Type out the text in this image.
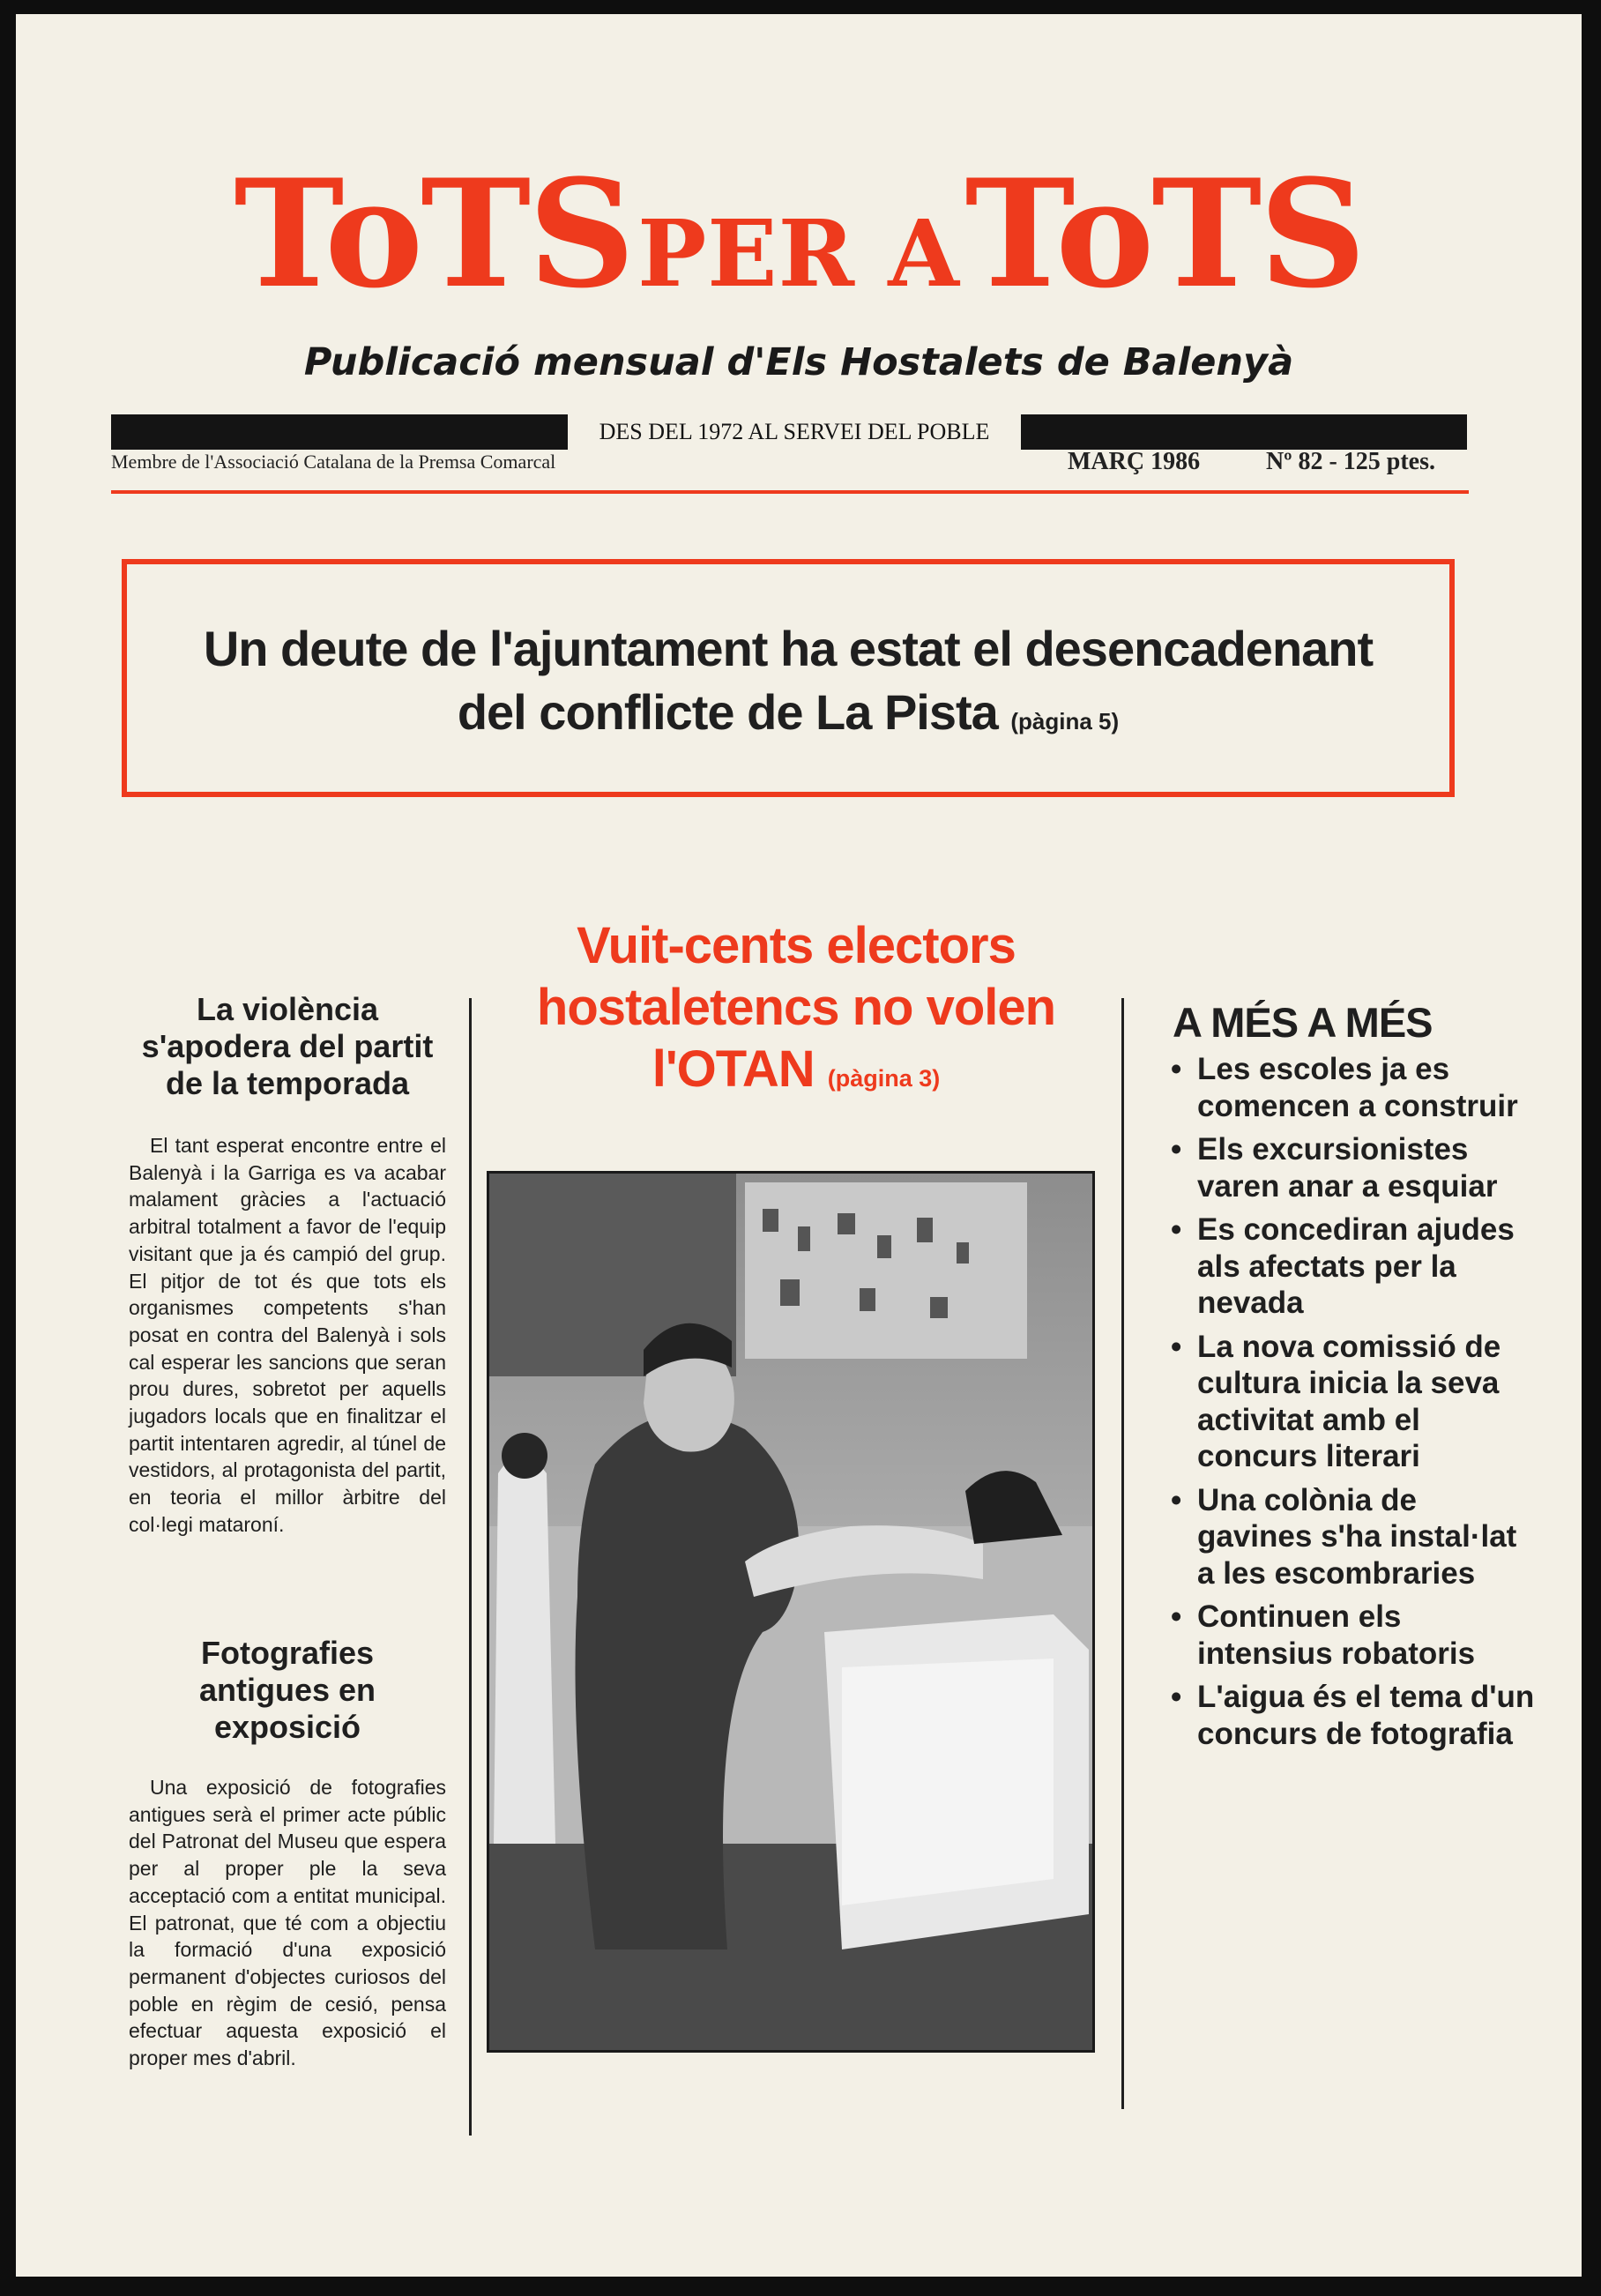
ToTS PER A ToTS
Publicació mensual d'Els Hostalets de Balenyà
DES DEL 1972 AL SERVEI DEL POBLE
Membre de l'Associació Catalana de la Premsa Comarcal	MARÇ 1986	Nº 82 - 125 ptes.
Un deute de l'ajuntament ha estat el desencadenant
del conflicte de La Pista (pàgina 5)
La violència s'apodera del partit de la temporada
El tant esperat encontre entre el Balenyà i la Garriga es va acabar malament gràcies a l'actuació arbitral totalment a favor de l'equip visitant que ja és campió del grup. El pitjor de tot és que tots els organismes competents s'han posat en contra del Balenyà i sols cal esperar les sancions que seran prou dures, sobretot per aquells jugadors locals que en finalitzar el partit intentaren agredir, al túnel de vestidors, al protagonista del partit, en teoria el millor àrbitre del col·legi mataroní.
Fotografies antigues en exposició
Una exposició de fotografies antigues serà el primer acte públic del Patronat del Museu que espera per al proper ple la seva acceptació com a entitat municipal. El patronat, que té com a objectiu la formació d'una exposició permanent d'objectes curiosos del poble en règim de cesió, pensa efectuar aquesta exposició el proper mes d'abril.
Vuit-cents electors hostaletencs no volen l'OTAN (pàgina 3)
A MÉS A MÉS
• Les escoles ja es comencen a construir
• Els excursionistes varen anar a esquiar
• Es concediran ajudes als afectats per la nevada
• La nova comissió de cultura inicia la seva activitat amb el concurs literari
• Una colònia de gavines s'ha instal·lat a les escombraries
• Continuen els intensius robatoris
• L'aigua és el tema d'un concurs de fotografia
